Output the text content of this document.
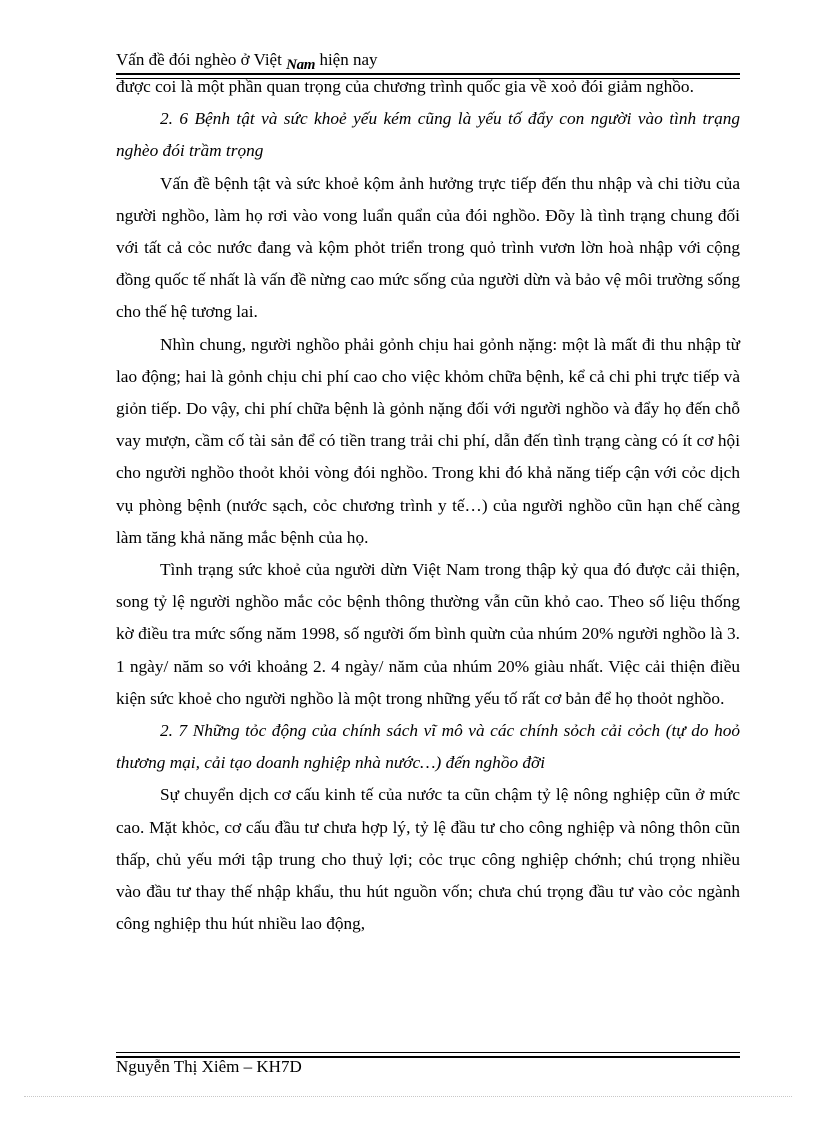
Vấn đề đói nghèo ở Việt Nam hiện nay

được coi là một phần quan trọng của chương trình quốc gia về xoỏ đói giảm nghồo.

2. 6 Bệnh tật và sức khoẻ yếu kém cũng là yếu tố đẩy con người vào tình trạng nghèo đói trầm trọng

Vấn đề bệnh tật và sức khoẻ kộm ảnh hưởng trực tiếp đến thu nhập và chi tiờu của người nghồo, làm họ rơi vào vong luẩn quẩn của đói nghồo. Đõy là tình trạng chung đối với tất cả cỏc nước đang và kộm phỏt triển trong quỏ trình vươn lờn hoà nhập với cộng đồng quốc tế nhất là vấn đề nừng cao mức sống của người dừn và bảo vệ môi trường sống cho thế hệ tương lai.

Nhìn chung, người nghồo phải gỏnh chịu hai gỏnh nặng: một là mất đi thu nhập từ lao động; hai là gỏnh chịu chi phí cao cho việc khỏm chữa bệnh, kể cả chi phi trực tiếp và giỏn tiếp. Do vậy, chi phí chữa bệnh là gỏnh nặng đối với người nghồo và đẩy họ đến chỗ vay mượn, cầm cố tài sản để có tiền trang trải chi phí, dẫn đến tình trạng càng có ít cơ hội cho người nghồo thoỏt khỏi vòng đói nghồo. Trong khi đó khả năng tiếp cận với cỏc dịch vụ phòng bệnh (nước sạch, cỏc chương trình y tế…) của người nghồo cũn hạn chế càng làm tăng khả năng mắc bệnh của họ.

Tình trạng sức khoẻ của người dừn Việt Nam trong thập kỷ qua đó được cải thiện, song tỷ lệ người nghồo mắc cỏc bệnh thông thường vẫn cũn khỏ cao. Theo số liệu thống kờ điều tra mức sống năm 1998, số người ốm bình quừn của nhúm 20% người nghồo là 3. 1 ngày/ năm so với khoảng 2. 4 ngày/ năm của nhúm 20% giàu nhất. Việc cải thiện điều kiện sức khoẻ cho người nghồo là một trong những yếu tố rất cơ bản để họ thoỏt nghồo.

2. 7 Những tỏc động của chính sách vĩ mô và các chính sỏch cải cỏch (tự do hoỏ thương mại, cải tạo doanh nghiệp nhà nước…) đến nghồo đỡi

Sự chuyển dịch cơ cấu kinh tế của nước ta cũn chậm tỷ lệ nông nghiệp cũn ở mức cao. Mặt khỏc, cơ cấu đầu tư chưa hợp lý, tỷ lệ đầu tư cho công nghiệp và nông thôn cũn thấp, chủ yếu mới tập trung cho thuỷ lợi; cỏc trục công nghiệp chớnh; chú trọng nhiều vào đầu tư thay thế nhập khẩu, thu hút nguồn vốn; chưa chú trọng đầu tư vào cỏc ngành công nghiệp thu hút nhiều lao động,

Nguyễn Thị Xiêm – KH7D
